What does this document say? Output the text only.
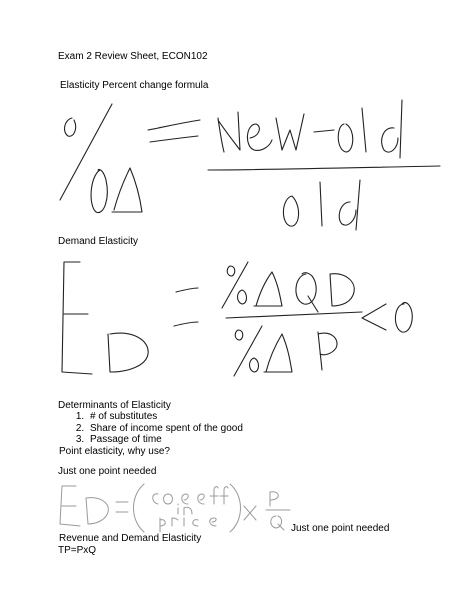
Exam 2 Review Sheet, ECON102
Elasticity Percent change formula
Demand Elasticity
Determinants of Elasticity
1. # of substitutes
2. Share of income spent of the good
3. Passage of time
Point elasticity, why use?
Just one point needed
Just one point needed
Revenue and Demand Elasticity
TP=PxQ
